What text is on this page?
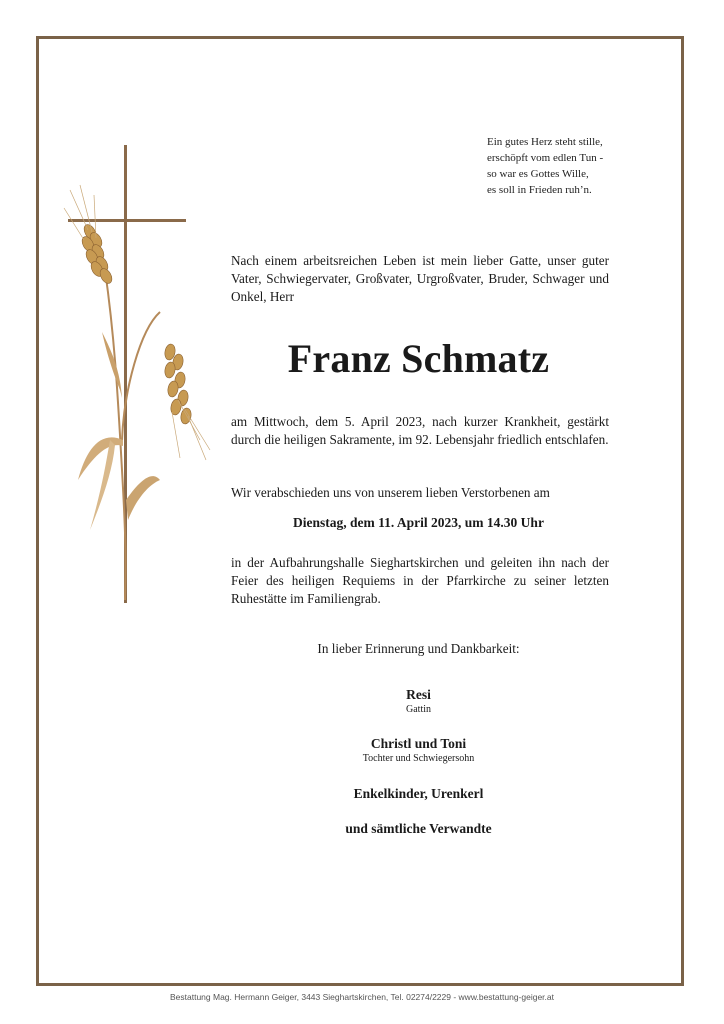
Ein gutes Herz steht stille,
erschöpft vom edlen Tun -
so war es Gottes Wille,
es soll in Frieden ruh’n.
Nach einem arbeitsreichen Leben ist mein lieber Gatte, unser guter Vater, Schwiegervater, Großvater, Urgroßvater, Bruder, Schwager und Onkel, Herr
Franz Schmatz
am Mittwoch, dem 5. April 2023, nach kurzer Krankheit, gestärkt durch die heiligen Sakramente, im 92. Lebensjahr friedlich entschlafen.
Wir verabschieden uns von unserem lieben Verstorbenen am
Dienstag, dem 11. April 2023, um 14.30 Uhr
in der Aufbahrungshalle Sieghartskirchen und geleiten ihn nach der Feier des heiligen Requiems in der Pfarrkirche zu seiner letzten Ruhestätte im Familiengrab.
In lieber Erinnerung und Dankbarkeit:
Resi
Gattin
Christl und Toni
Tochter und Schwiegersohn
Enkelkinder, Urenkerl
und sämtliche Verwandte
Bestattung Mag. Hermann Geiger, 3443 Sieghartskirchen, Tel. 02274/2229 - www.bestattung-geiger.at
